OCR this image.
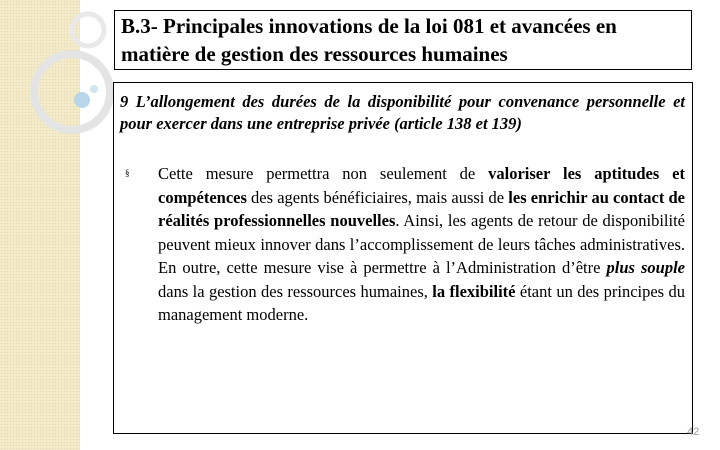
B.3- Principales innovations de la loi 081 et avancées en matière de gestion des ressources humaines

9 L’allongement des durées de la disponibilité pour convenance personnelle et pour exercer dans une entreprise privée (article 138 et 139)

§ Cette mesure permettra non seulement de valoriser les aptitudes et compétences des agents bénéficiaires, mais aussi de les enrichir au contact de réalités professionnelles nouvelles. Ainsi, les agents de retour de disponibilité peuvent mieux innover dans l’accomplissement de leurs tâches administratives. En outre, cette mesure vise à permettre à l’Administration d’être plus souple dans la gestion des ressources humaines, la flexibilité étant un des principes du management moderne.

42
